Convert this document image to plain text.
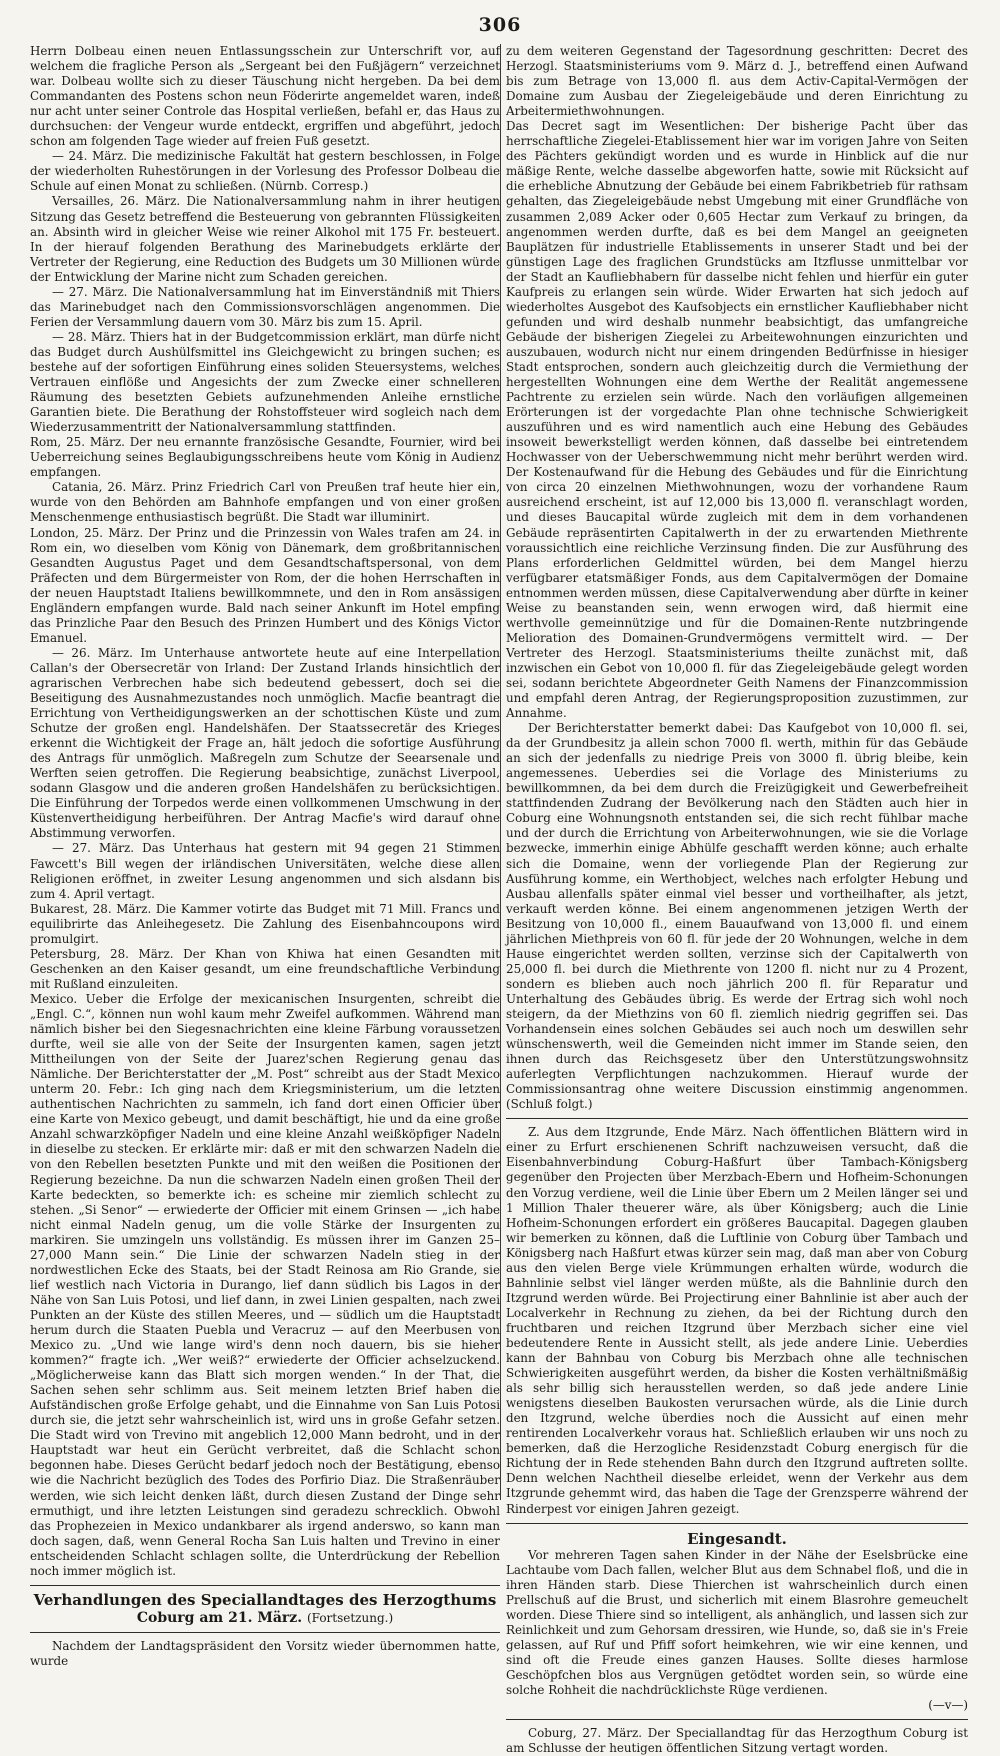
306

Herrn Dolbeau einen neuen Entlassungsschein zur Unterschrift vor, auf welchem die fragliche Person als „Sergeant bei den Fußjägern“ verzeichnet war. Dolbeau wollte sich zu dieser Täuschung nicht hergeben. Da bei dem Commandanten des Postens schon neun Föderirte angemeldet waren, indeß nur acht unter seiner Controle das Hospital verließen, befahl er, das Haus zu durchsuchen: der Vengeur wurde entdeckt, ergriffen und abgeführt, jedoch schon am folgenden Tage wieder auf freien Fuß gesetzt.

— 24. März. Die medizinische Fakultät hat gestern beschlossen, in Folge der wiederholten Ruhestörungen in der Vorlesung des Professor Dolbeau die Schule auf einen Monat zu schließen. (Nürnb. Corresp.)

Versailles, 26. März. Die Nationalversammlung nahm in ihrer heutigen Sitzung das Gesetz betreffend die Besteuerung von gebrannten Flüssigkeiten an. Absinth wird in gleicher Weise wie reiner Alkohol mit 175 Fr. besteuert. In der hierauf folgenden Berathung des Marinebudgets erklärte der Vertreter der Regierung, eine Reduction des Budgets um 30 Millionen würde der Entwicklung der Marine nicht zum Schaden gereichen.

— 27. März. Die Nationalversammlung hat im Einverständniß mit Thiers das Marinebudget nach den Commissionsvorschlägen angenommen. Die Ferien der Versammlung dauern vom 30. März bis zum 15. April.

— 28. März. Thiers hat in der Budgetcommission erklärt, man dürfe nicht das Budget durch Aushülfsmittel ins Gleichgewicht zu bringen suchen; es bestehe auf der sofortigen Einführung eines soliden Steuersystems, welches Vertrauen einflöße und Angesichts der zum Zwecke einer schnelleren Räumung des besetzten Gebiets aufzunehmenden Anleihe ernstliche Garantien biete. Die Berathung der Rohstoffsteuer wird sogleich nach dem Wiederzusammentritt der Nationalversammlung stattfinden.

Rom, 25. März. Der neu ernannte französische Gesandte, Fournier, wird bei Ueberreichung seines Beglaubigungsschreibens heute vom König in Audienz empfangen.

Catania, 26. März. Prinz Friedrich Carl von Preußen traf heute hier ein, wurde von den Behörden am Bahnhofe empfangen und von einer großen Menschenmenge enthusiastisch begrüßt. Die Stadt war illuminirt.

London, 25. März. Der Prinz und die Prinzessin von Wales trafen am 24. in Rom ein, wo dieselben vom König von Dänemark, dem großbritannischen Gesandten Augustus Paget und dem Gesandtschaftspersonal, von dem Präfecten und dem Bürgermeister von Rom, der die hohen Herrschaften in der neuen Hauptstadt Italiens bewillkommnete, und den in Rom ansässigen Engländern empfangen wurde. Bald nach seiner Ankunft im Hotel empfing das Prinzliche Paar den Besuch des Prinzen Humbert und des Königs Victor Emanuel.

— 26. März. Im Unterhause antwortete heute auf eine Interpellation Callan's der Obersecretär von Irland: Der Zustand Irlands hinsichtlich der agrarischen Verbrechen habe sich bedeutend gebessert, doch sei die Beseitigung des Ausnahmezustandes noch unmöglich. Macfie beantragt die Errichtung von Vertheidigungswerken an der schottischen Küste und zum Schutze der großen engl. Handelshäfen. Der Staatssecretär des Krieges erkennt die Wichtigkeit der Frage an, hält jedoch die sofortige Ausführung des Antrags für unmöglich. Maßregeln zum Schutze der Seearsenale und Werften seien getroffen. Die Regierung beabsichtige, zunächst Liverpool, sodann Glasgow und die anderen großen Handelshäfen zu berücksichtigen. Die Einführung der Torpedos werde einen vollkommenen Umschwung in der Küstenvertheidigung herbeiführen. Der Antrag Macfie's wird darauf ohne Abstimmung verworfen.

— 27. März. Das Unterhaus hat gestern mit 94 gegen 21 Stimmen Fawcett's Bill wegen der irländischen Universitäten, welche diese allen Religionen eröffnet, in zweiter Lesung angenommen und sich alsdann bis zum 4. April vertagt.

Bukarest, 28. März. Die Kammer votirte das Budget mit 71 Mill. Francs und equilibrirte das Anleihegesetz. Die Zahlung des Eisenbahncoupons wird promulgirt.

Petersburg, 28. März. Der Khan von Khiwa hat einen Gesandten mit Geschenken an den Kaiser gesandt, um eine freundschaftliche Verbindung mit Rußland einzuleiten.

Mexico. Ueber die Erfolge der mexicanischen Insurgenten, schreibt die „Engl. C.“, können nun wohl kaum mehr Zweifel aufkommen. Während man nämlich bisher bei den Siegesnachrichten eine kleine Färbung voraussetzen durfte, weil sie alle von der Seite der Insurgenten kamen, sagen jetzt Mittheilungen von der Seite der Juarez'schen Regierung genau das Nämliche. Der Berichterstatter der „M. Post“ schreibt aus der Stadt Mexico unterm 20. Febr.: Ich ging nach dem Kriegsministerium, um die letzten authentischen Nachrichten zu sammeln, ich fand dort einen Officier über eine Karte von Mexico gebeugt, und damit beschäftigt, hie und da eine große Anzahl schwarzköpfiger Nadeln und eine kleine Anzahl weißköpfiger Nadeln in dieselbe zu stecken. Er erklärte mir: daß er mit den schwarzen Nadeln die von den Rebellen besetzten Punkte und mit den weißen die Positionen der Regierung bezeichne. Da nun die schwarzen Nadeln einen großen Theil der Karte bedeckten, so bemerkte ich: es scheine mir ziemlich schlecht zu stehen. „Si Senor“ — erwiederte der Officier mit einem Grinsen — „ich habe nicht einmal Nadeln genug, um die volle Stärke der Insurgenten zu markiren. Sie umzingeln uns vollständig. Es müssen ihrer im Ganzen 25–27,000 Mann sein.“ Die Linie der schwarzen Nadeln stieg in der nordwestlichen Ecke des Staats, bei der Stadt Reinosa am Rio Grande, sie lief westlich nach Victoria in Durango, lief dann südlich bis Lagos in der Nähe von San Luis Potosi, und lief dann, in zwei Linien gespalten, nach zwei Punkten an der Küste des stillen Meeres, und — südlich um die Hauptstadt herum durch die Staaten Puebla und Veracruz — auf den Meerbusen von Mexico zu. „Und wie lange wird's denn noch dauern, bis sie hieher kommen?“ fragte ich. „Wer weiß?“ erwiederte der Officier achselzuckend. „Möglicherweise kann das Blatt sich morgen wenden.“ In der That, die Sachen sehen sehr schlimm aus. Seit meinem letzten Brief haben die Aufständischen große Erfolge gehabt, und die Einnahme von San Luis Potosi durch sie, die jetzt sehr wahrscheinlich ist, wird uns in große Gefahr setzen. Die Stadt wird von Trevino mit angeblich 12,000 Mann bedroht, und in der Hauptstadt war heut ein Gerücht verbreitet, daß die Schlacht schon begonnen habe. Dieses Gerücht bedarf jedoch noch der Bestätigung, ebenso wie die Nachricht bezüglich des Todes des Porfirio Diaz. Die Straßenräuber werden, wie sich leicht denken läßt, durch diesen Zustand der Dinge sehr ermuthigt, und ihre letzten Leistungen sind geradezu schrecklich. Obwohl das Prophezeien in Mexico undankbarer als irgend anderswo, so kann man doch sagen, daß, wenn General Rocha San Luis halten und Trevino in einer entscheidenden Schlacht schlagen sollte, die Unterdrückung der Rebellion noch immer möglich ist.

Verhandlungen des Speciallandtages des Herzogthums

Coburg am 21. März. (Fortsetzung.)

Nachdem der Landtagspräsident den Vorsitz wieder übernommen hatte, wurde

zu dem weiteren Gegenstand der Tagesordnung geschritten: Decret des Herzogl. Staatsministeriums vom 9. März d. J., betreffend einen Aufwand bis zum Betrage von 13,000 fl. aus dem Activ-Capital-Vermögen der Domaine zum Ausbau der Ziegeleigebäude und deren Einrichtung zu Arbeitermiethwohnungen.

Das Decret sagt im Wesentlichen: Der bisherige Pacht über das herrschaftliche Ziegelei-Etablissement hier war im vorigen Jahre von Seiten des Pächters gekündigt worden und es wurde in Hinblick auf die nur mäßige Rente, welche dasselbe abgeworfen hatte, sowie mit Rücksicht auf die erhebliche Abnutzung der Gebäude bei einem Fabrikbetrieb für rathsam gehalten, das Ziegeleigebäude nebst Umgebung mit einer Grundfläche von zusammen 2,089 Acker oder 0,605 Hectar zum Verkauf zu bringen, da angenommen werden durfte, daß es bei dem Mangel an geeigneten Bauplätzen für industrielle Etablissements in unserer Stadt und bei der günstigen Lage des fraglichen Grundstücks am Itzflusse unmittelbar vor der Stadt an Kaufliebhabern für dasselbe nicht fehlen und hierfür ein guter Kaufpreis zu erlangen sein würde. Wider Erwarten hat sich jedoch auf wiederholtes Ausgebot des Kaufsobjects ein ernstlicher Kaufliebhaber nicht gefunden und wird deshalb nunmehr beabsichtigt, das umfangreiche Gebäude der bisherigen Ziegelei zu Arbeitewohnungen einzurichten und auszubauen, wodurch nicht nur einem dringenden Bedürfnisse in hiesiger Stadt entsprochen, sondern auch gleichzeitig durch die Vermiethung der hergestellten Wohnungen eine dem Werthe der Realität angemessene Pachtrente zu erzielen sein würde. Nach den vorläufigen allgemeinen Erörterungen ist der vorgedachte Plan ohne technische Schwierigkeit auszuführen und es wird namentlich auch eine Hebung des Gebäudes insoweit bewerkstelligt werden können, daß dasselbe bei eintretendem Hochwasser von der Ueberschwemmung nicht mehr berührt werden wird. Der Kostenaufwand für die Hebung des Gebäudes und für die Einrichtung von circa 20 einzelnen Miethwohnungen, wozu der vorhandene Raum ausreichend erscheint, ist auf 12,000 bis 13,000 fl. veranschlagt worden, und dieses Baucapital würde zugleich mit dem in dem vorhandenen Gebäude repräsentirten Capitalwerth in der zu erwartenden Miethrente voraussichtlich eine reichliche Verzinsung finden. Die zur Ausführung des Plans erforderlichen Geldmittel würden, bei dem Mangel hierzu verfügbarer etatsmäßiger Fonds, aus dem Capitalvermögen der Domaine entnommen werden müssen, diese Capitalverwendung aber dürfte in keiner Weise zu beanstanden sein, wenn erwogen wird, daß hiermit eine werthvolle gemeinnützige und für die Domainen-Rente nutzbringende Melioration des Domainen-Grundvermögens vermittelt wird. — Der Vertreter des Herzogl. Staatsministeriums theilte zunächst mit, daß inzwischen ein Gebot von 10,000 fl. für das Ziegeleigebäude gelegt worden sei, sodann berichtete Abgeordneter Geith Namens der Finanzcommission und empfahl deren Antrag, der Regierungsproposition zuzustimmen, zur Annahme.

Der Berichterstatter bemerkt dabei: Das Kaufgebot von 10,000 fl. sei, da der Grundbesitz ja allein schon 7000 fl. werth, mithin für das Gebäude an sich der jedenfalls zu niedrige Preis von 3000 fl. übrig bleibe, kein angemessenes. Ueberdies sei die Vorlage des Ministeriums zu bewillkommnen, da bei dem durch die Freizügigkeit und Gewerbefreiheit stattfindenden Zudrang der Bevölkerung nach den Städten auch hier in Coburg eine Wohnungsnoth entstanden sei, die sich recht fühlbar mache und der durch die Errichtung von Arbeiterwohnungen, wie sie die Vorlage bezwecke, immerhin einige Abhülfe geschafft werden könne; auch erhalte sich die Domaine, wenn der vorliegende Plan der Regierung zur Ausführung komme, ein Werthobject, welches nach erfolgter Hebung und Ausbau allenfalls später einmal viel besser und vortheilhafter, als jetzt, verkauft werden könne. Bei einem angenommenen jetzigen Werth der Besitzung von 10,000 fl., einem Bauaufwand von 13,000 fl. und einem jährlichen Miethpreis von 60 fl. für jede der 20 Wohnungen, welche in dem Hause eingerichtet werden sollten, verzinse sich der Capitalwerth von 25,000 fl. bei durch die Miethrente von 1200 fl. nicht nur zu 4 Prozent, sondern es blieben auch noch jährlich 200 fl. für Reparatur und Unterhaltung des Gebäudes übrig. Es werde der Ertrag sich wohl noch steigern, da der Miethzins von 60 fl. ziemlich niedrig gegriffen sei. Das Vorhandensein eines solchen Gebäudes sei auch noch um deswillen sehr wünschenswerth, weil die Gemeinden nicht immer im Stande seien, den ihnen durch das Reichsgesetz über den Unterstützungswohnsitz auferlegten Verpflichtungen nachzukommen. Hierauf wurde der Commissionsantrag ohne weitere Discussion einstimmig angenommen. (Schluß folgt.)

Z. Aus dem Itzgrunde, Ende März. Nach öffentlichen Blättern wird in einer zu Erfurt erschienenen Schrift nachzuweisen versucht, daß die Eisenbahnverbindung Coburg-Haßfurt über Tambach-Königsberg gegenüber den Projecten über Merzbach-Ebern und Hofheim-Schonungen den Vorzug verdiene, weil die Linie über Ebern um 2 Meilen länger sei und 1 Million Thaler theuerer wäre, als über Königsberg; auch die Linie Hofheim-Schonungen erfordert ein größeres Baucapital. Dagegen glauben wir bemerken zu können, daß die Luftlinie von Coburg über Tambach und Königsberg nach Haßfurt etwas kürzer sein mag, daß man aber von Coburg aus den vielen Berge viele Krümmungen erhalten würde, wodurch die Bahnlinie selbst viel länger werden müßte, als die Bahnlinie durch den Itzgrund werden würde. Bei Projectirung einer Bahnlinie ist aber auch der Localverkehr in Rechnung zu ziehen, da bei der Richtung durch den fruchtbaren und reichen Itzgrund über Merzbach sicher eine viel bedeutendere Rente in Aussicht stellt, als jede andere Linie. Ueberdies kann der Bahnbau von Coburg bis Merzbach ohne alle technischen Schwierigkeiten ausgeführt werden, da bisher die Kosten verhältnißmäßig als sehr billig sich herausstellen werden, so daß jede andere Linie wenigstens dieselben Baukosten verursachen würde, als die Linie durch den Itzgrund, welche überdies noch die Aussicht auf einen mehr rentirenden Localverkehr voraus hat. Schließlich erlauben wir uns noch zu bemerken, daß die Herzogliche Residenzstadt Coburg energisch für die Richtung der in Rede stehenden Bahn durch den Itzgrund auftreten sollte. Denn welchen Nachtheil dieselbe erleidet, wenn der Verkehr aus dem Itzgrunde gehemmt wird, das haben die Tage der Grenzsperre während der Rinderpest vor einigen Jahren gezeigt.

Eingesandt.

Vor mehreren Tagen sahen Kinder in der Nähe der Eselsbrücke eine Lachtaube vom Dach fallen, welcher Blut aus dem Schnabel floß, und die in ihren Händen starb. Diese Thierchen ist wahrscheinlich durch einen Prellschuß auf die Brust, und sicherlich mit einem Blasrohre gemeuchelt worden. Diese Thiere sind so intelligent, als anhänglich, und lassen sich zur Reinlichkeit und zum Gehorsam dressiren, wie Hunde, so, daß sie in's Freie gelassen, auf Ruf und Pfiff sofort heimkehren, wie wir eine kennen, und sind oft die Freude eines ganzen Hauses. Sollte dieses harmlose Geschöpfchen blos aus Vergnügen getödtet worden sein, so würde eine solche Rohheit die nachdrücklichste Rüge verdienen.

(—v—)

Coburg, 27. März. Der Speciallandtag für das Herzogthum Coburg ist am Schlusse der heutigen öffentlichen Sitzung vertagt worden.
